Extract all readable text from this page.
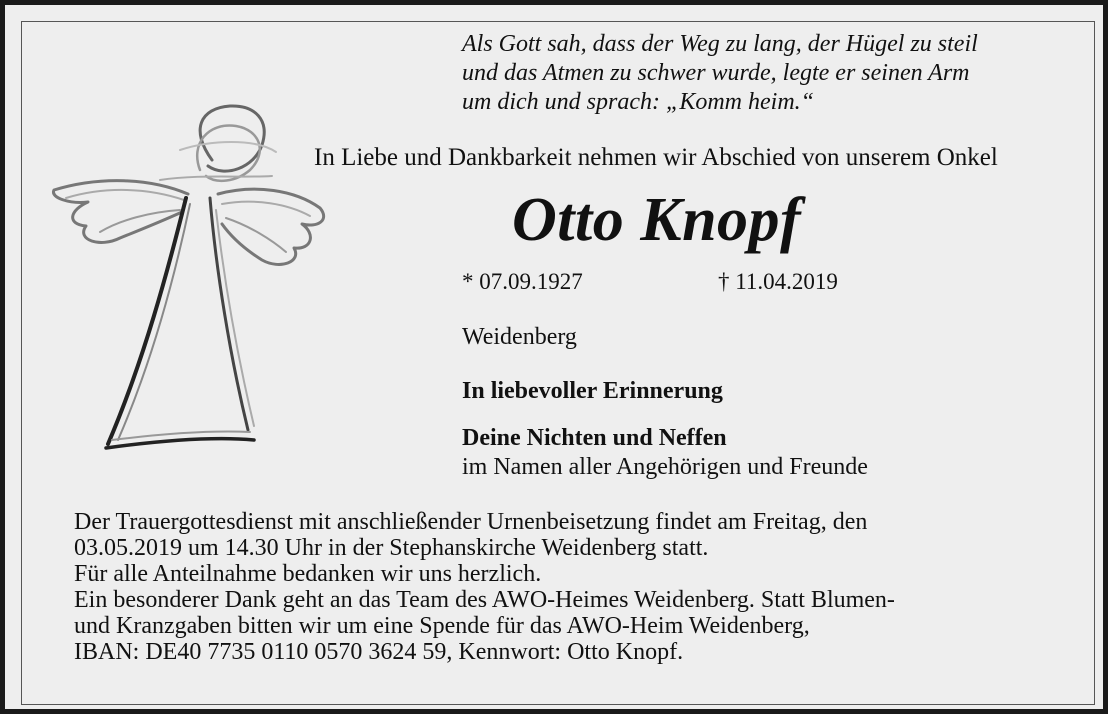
Als Gott sah, dass der Weg zu lang, der Hügel zu steil
und das Atmen zu schwer wurde, legte er seinen Arm
um dich und sprach: „Komm heim.“
In Liebe und Dankbarkeit nehmen wir Abschied von unserem Onkel
Otto Knopf
* 07.09.1927	† 11.04.2019
Weidenberg
In liebevoller Erinnerung
Deine Nichten und Neffen
im Namen aller Angehörigen und Freunde

Der Trauergottesdienst mit anschließender Urnenbeisetzung findet am Freitag, den
03.05.2019 um 14.30 Uhr in der Stephanskirche Weidenberg statt.

Für alle Anteilnahme bedanken wir uns herzlich.

Ein besonderer Dank geht an das Team des AWO-Heimes Weidenberg. Statt Blumen-
und Kranzgaben bitten wir um eine Spende für das AWO-Heim Weidenberg,
IBAN: DE40 7735 0110 0570 3624 59, Kennwort: Otto Knopf.
